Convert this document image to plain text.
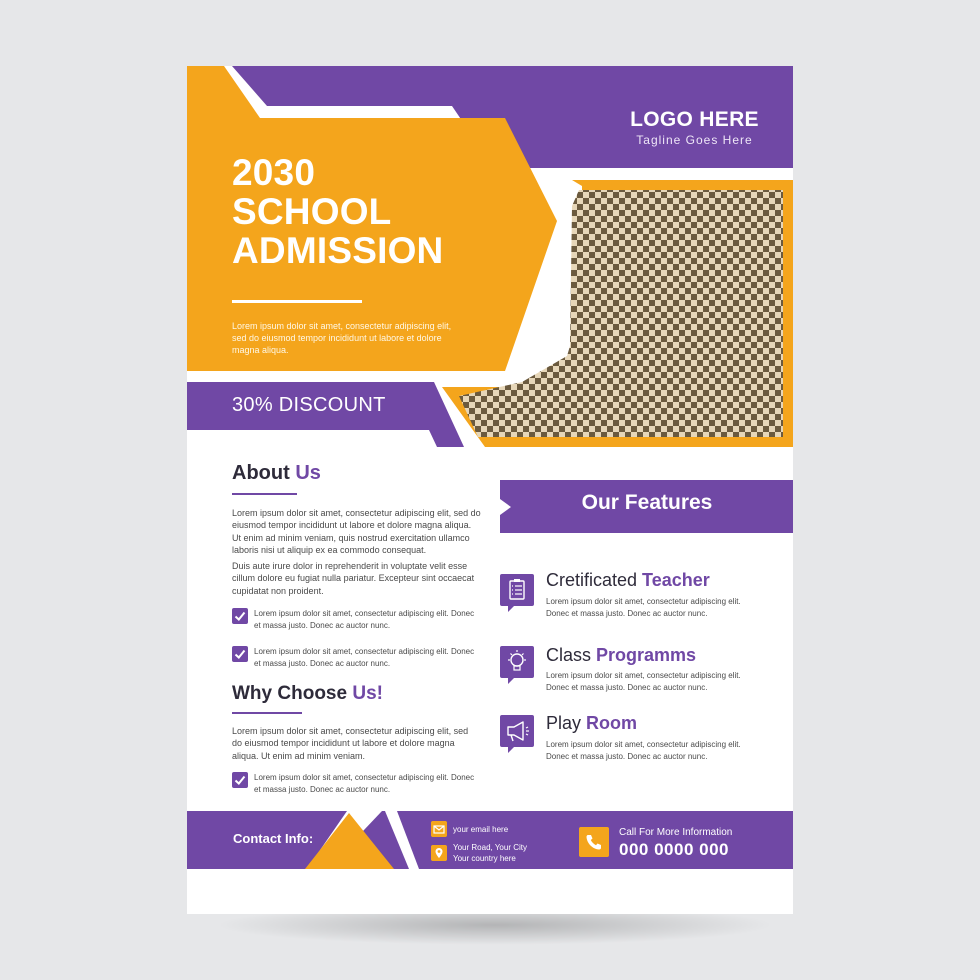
LOGO HERE
Tagline Goes Here
2030
SCHOOL
ADMISSION
Lorem ipsum dolor sit amet, consectetur adipiscing elit, sed do eiusmod tempor incididunt ut labore et dolore magna aliqua.
30% DISCOUNT
About Us
Lorem ipsum dolor sit amet, consectetur adipiscing elit, sed do eiusmod tempor incididunt ut labore et dolore magna aliqua. Ut enim ad minim veniam, quis nostrud exercitation ullamco laboris nisi ut aliquip ex ea commodo consequat.
Duis aute irure dolor in reprehenderit in voluptate velit esse cillum dolore eu fugiat nulla pariatur. Excepteur sint occaecat cupidatat non proident.
Lorem ipsum dolor sit amet, consectetur adipiscing elit. Donec et massa justo. Donec ac auctor nunc.
Lorem ipsum dolor sit amet, consectetur adipiscing elit. Donec et massa justo. Donec ac auctor nunc.
Why Choose Us!
Lorem ipsum dolor sit amet, consectetur adipiscing elit, sed do eiusmod tempor incididunt ut labore et dolore magna aliqua. Ut enim ad minim veniam.
Lorem ipsum dolor sit amet, consectetur adipiscing elit. Donec et massa justo. Donec ac auctor nunc.
Our Features
Cretificated Teacher
Lorem ipsum dolor sit amet, consectetur adipiscing elit. Donec et massa justo. Donec ac auctor nunc.
Class Programms
Lorem ipsum dolor sit amet, consectetur adipiscing elit. Donec et massa justo. Donec ac auctor nunc.
Play Room
Lorem ipsum dolor sit amet, consectetur adipiscing elit. Donec et massa justo. Donec ac auctor nunc.
Contact Info:
your email here
Your Road, Your City
Your country here
Call For More Information
000 0000 000
